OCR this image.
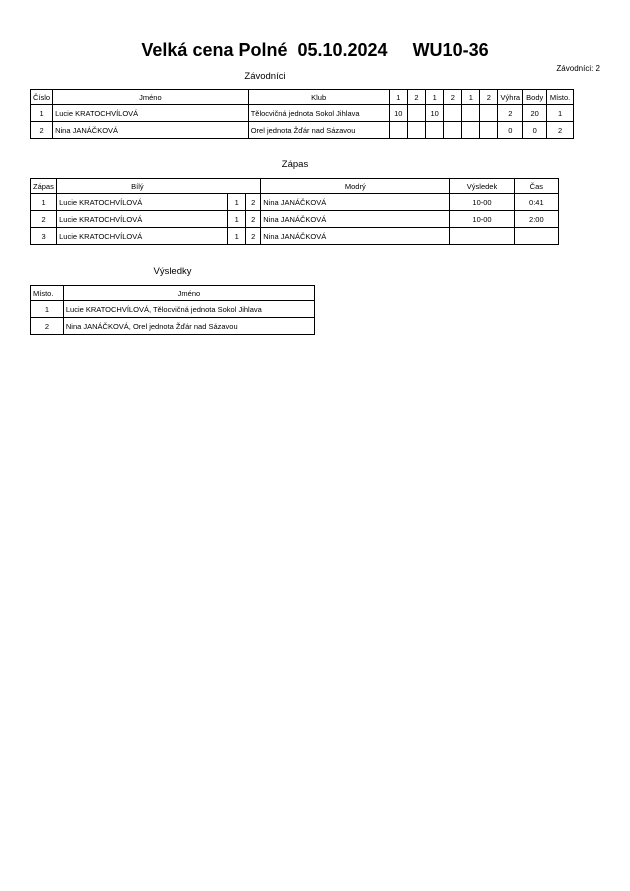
Velká cena Polné  05.10.2024     WU10-36
Závodníci: 2
Závodníci
Číslo	Jméno	Klub	1	2	1	2	1	2	Výhra	Body	Místo.
1	Lucie KRATOCHVÍLOVÁ	Tělocvičná jednota Sokol Jihlava	10		10				2	20	1
2	Nina JANÁČKOVÁ	Orel jednota Žďár nad Sázavou							0	0	2
Zápas
Zápas	Bílý			Modrý	Výsledek	Čas
1	Lucie KRATOCHVÍLOVÁ	1	2	Nina JANÁČKOVÁ	10-00	0:41
2	Lucie KRATOCHVÍLOVÁ	1	2	Nina JANÁČKOVÁ	10-00	2:00
3	Lucie KRATOCHVÍLOVÁ	1	2	Nina JANÁČKOVÁ		
Výsledky
Místo.	Jméno
1	Lucie KRATOCHVÍLOVÁ, Tělocvičná jednota Sokol Jihlava
2	Nina JANÁČKOVÁ, Orel jednota Žďár nad Sázavou
